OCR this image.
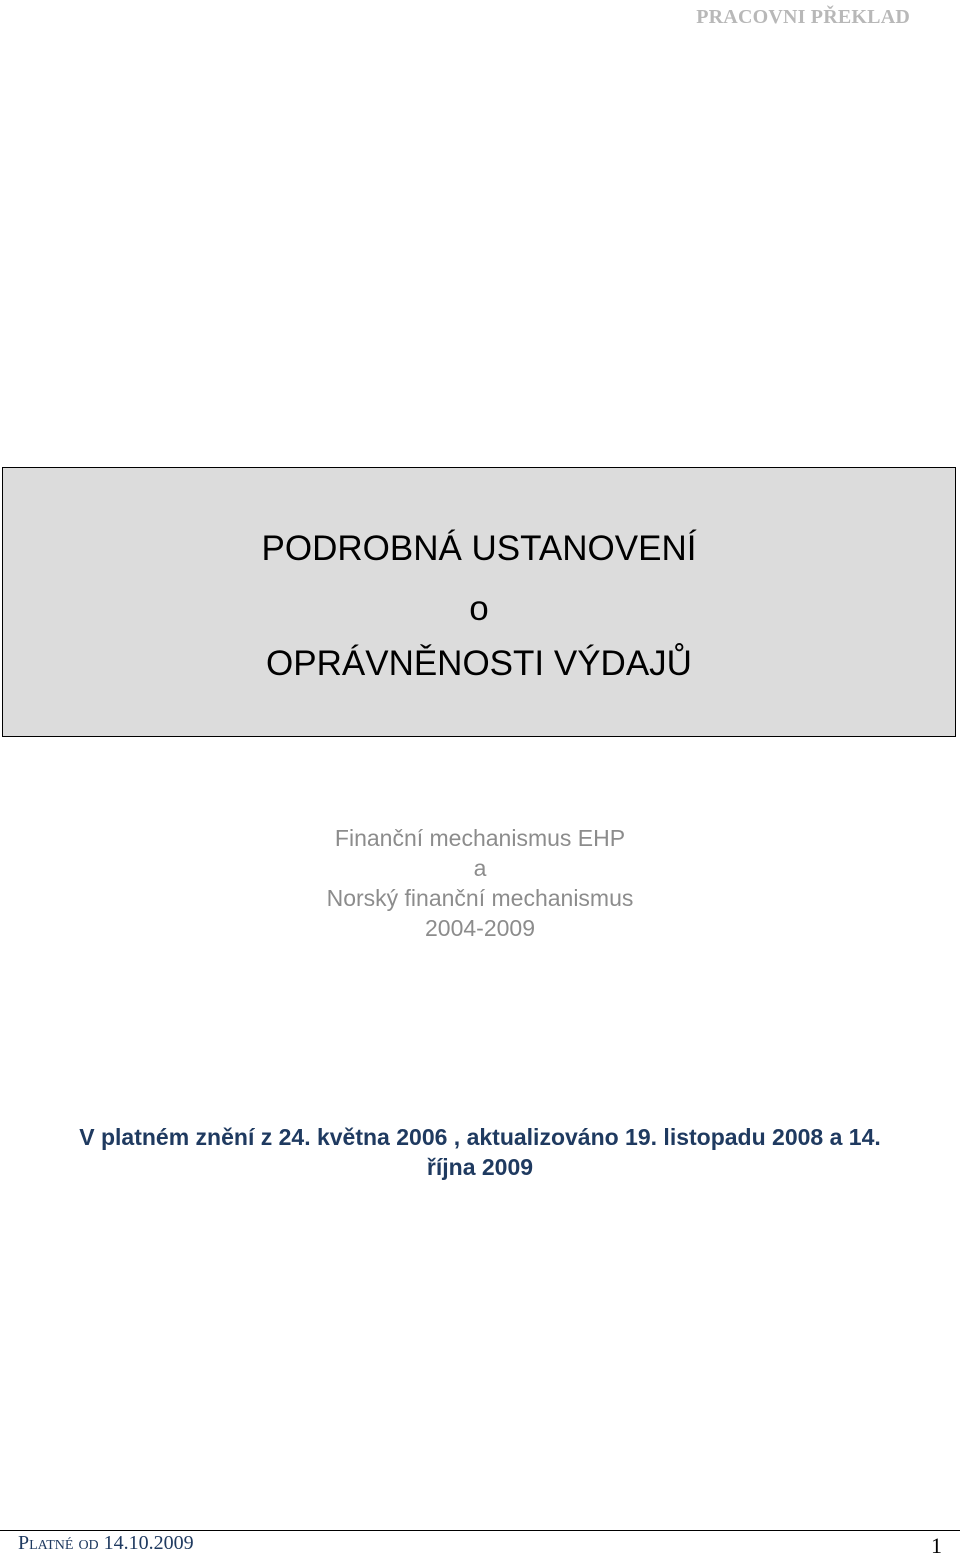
PRACOVNI PŘEKLAD
PODROBNÁ USTANOVENÍ
o
OPRÁVNĚNOSTI VÝDAJŮ
Finanční mechanismus EHP
a
Norský finanční mechanismus
2004-2009
V platném znění z 24. května 2006 , aktualizováno 19. listopadu 2008 a 14.
října 2009
Platné od 14.10.2009	1
